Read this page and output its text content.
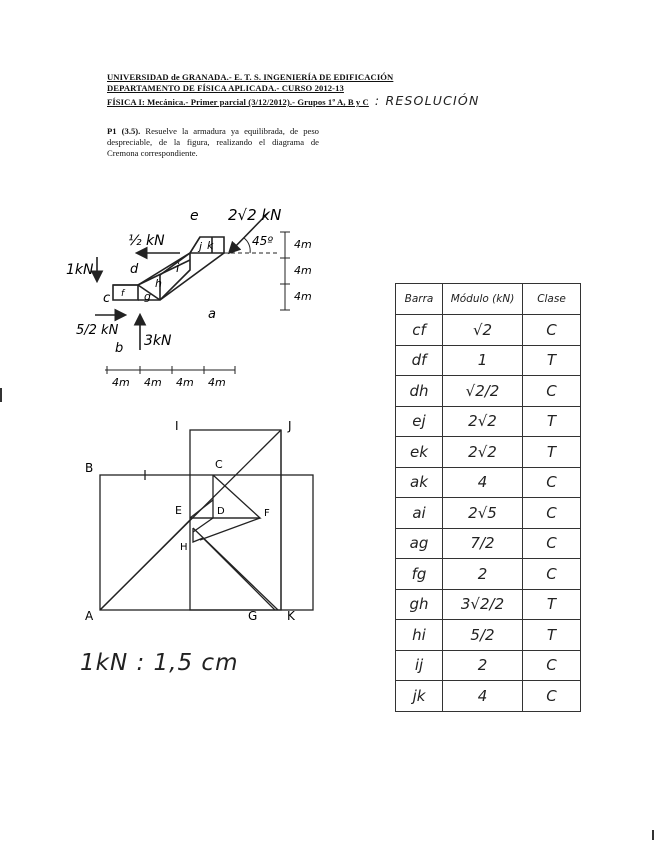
UNIVERSIDAD de GRANADA.- E. T. S. INGENIERÍA DE EDIFICACIÓN
DEPARTAMENTO DE FÍSICA APLICADA.- CURSO 2012-13
FÍSICA I: Mecánica.- Primer parcial (3/12/2012).- Grupos 1º A, B y C : RESOLUCIÓN
P1 (3.5). Resuelve la armadura ya equilibrada, de peso despreciable, de la figura, realizando el diagrama de Cremona correspondiente.
2√2 kN
45º
½ kN
1kN
5/2 kN
3kN
e
d
c
b
a
f g
h
i
j k	4m
4m
4m
4m 4m 4m 4m
I	J
B	C
E	D	F
H
A	G K
1kN : 1,5 cm
Barra	Módulo (kN)	Clase
cf	√2	C
df	1	T
dh	√2/2	C
ej	2√2	T
ek	2√2	T
ak	4	C
ai	2√5	C
ag	7/2	C
fg	2	C
gh	3√2/2	T
hi	5/2	T
ij	2	C
jk	4	C
